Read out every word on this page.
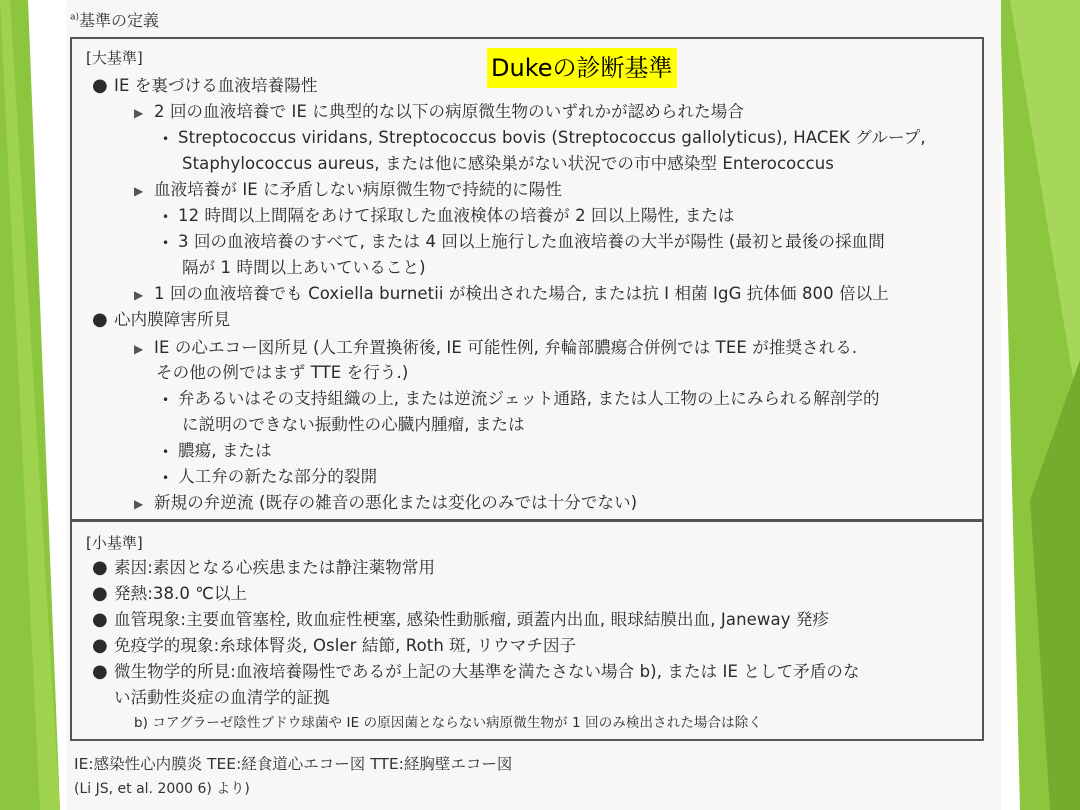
$^{a)}$基準の定義
[大基準]
● IE を裏づける血液培養陽性
▶ 2 回の血液培養で IE に典型的な以下の病原微生物のいずれかが認められた場合
• Streptococcus viridans, Streptococcus bovis (Streptococcus gallolyticus), HACEK グループ,
Staphylococcus aureus, または他に感染巣がない状況での市中感染型 Enterococcus
▶ 血液培養が IE に矛盾しない病原微生物で持続的に陽性
• 12 時間以上間隔をあけて採取した血液検体の培養が 2 回以上陽性, または
• 3 回の血液培養のすべて, または 4 回以上施行した血液培養の大半が陽性 (最初と最後の採血間
隔が 1 時間以上あいていること)
▶ 1 回の血液培養でも Coxiella burnetii が検出された場合, または抗 I 相菌 IgG 抗体価 800 倍以上
● 心内膜障害所見
▶ IE の心エコー図所見 (人工弁置換術後, IE 可能性例, 弁輪部膿瘍合併例では TEE が推奨される.
その他の例ではまず TTE を行う.)
• 弁あるいはその支持組織の上, または逆流ジェット通路, または人工物の上にみられる解剖学的
に説明のできない振動性の心臓内腫瘤, または
• 膿瘍, または
• 人工弁の新たな部分的裂開
▶ 新規の弁逆流 (既存の雑音の悪化または変化のみでは十分でない)
[小基準]
● 素因:素因となる心疾患または静注薬物常用
● 発熱:38.0 ℃以上
● 血管現象:主要血管塞栓, 敗血症性梗塞, 感染性動脈瘤, 頭蓋内出血, 眼球結膜出血, Janeway 発疹
● 免疫学的現象:糸球体腎炎, Osler 結節, Roth 斑, リウマチ因子
● 微生物学的所見:血液培養陽性であるが上記の大基準を満たさない場合 b), または IE として矛盾のな
い活動性炎症の血清学的証拠
b) コアグラーゼ陰性ブドウ球菌や IE の原因菌とならない病原微生物が 1 回のみ検出された場合は除く
IE:感染性心内膜炎 TEE:経食道心エコー図 TTE:経胸壁エコー図
(Li JS, et al. 2000 6) より)
Dukeの診断基準
